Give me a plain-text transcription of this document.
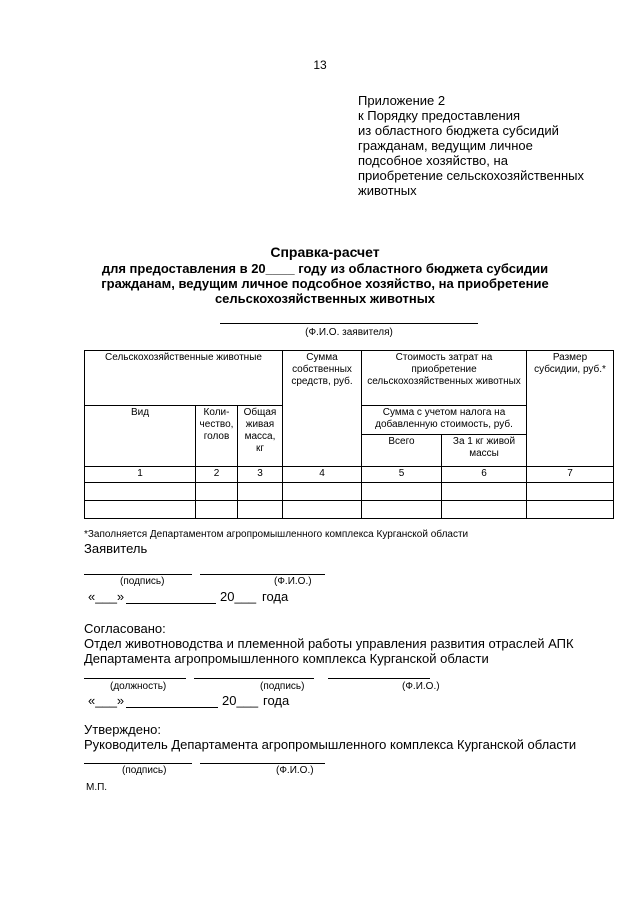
13
Приложение 2
к Порядку предоставления
из областного бюджета субсидий
гражданам, ведущим личное
подсобное хозяйство, на
приобретение сельскохозяйственных
животных
Справка-расчет
для предоставления в 20____ году из областного бюджета субсидии
гражданам, ведущим личное подсобное хозяйство, на приобретение
сельскохозяйственных животных
(Ф.И.О. заявителя)
Сельскохозяйственные животные			Сумма собственных средств, руб.	Стоимость затрат на приобретение сельскохозяйственных животных		Размер субсидии, руб.*
Вид	Коли-чество, голов	Общая живая масса, кг		Сумма с учетом налога на добавленную стоимость, руб.		
				Всего	За 1 кг живой массы	
1	2	3	4	5	6	7

*Заполняется Департаментом агропромышленного комплекса Курганской области
Заявитель
(подпись)	(Ф.И.О.)
«___»	20___ года
Согласовано:
Отдел животноводства и племенной работы управления развития отраслей АПК
Департамента агропромышленного комплекса Курганской области
(должность)	(подпись)	(Ф.И.О.)
«___»	20___ года
Утверждено:
Руководитель Департамента агропромышленного комплекса Курганской области
(подпись)	(Ф.И.О.)
М.П.
